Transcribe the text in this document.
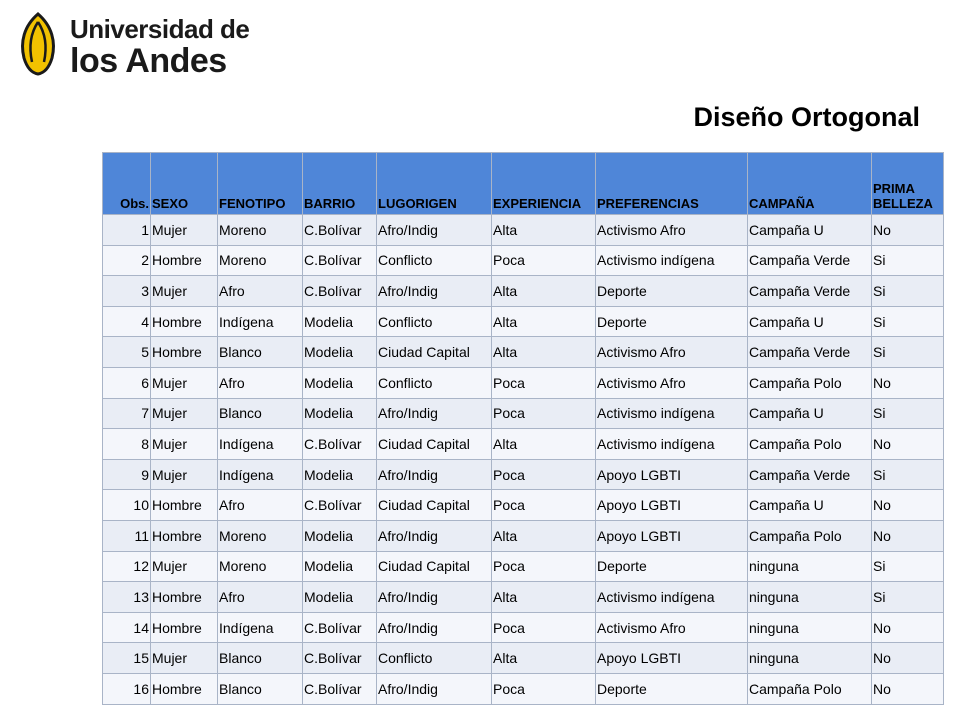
Universidad de
los Andes
Diseño Ortogonal
Obs.	SEXO	FENOTIPO	BARRIO	LUGORIGEN	EXPERIENCIA	PREFERENCIAS	CAMPAÑA	PRIMA BELLEZA
1	Mujer	Moreno	C.Bolívar	Afro/Indig	Alta	Activismo Afro	Campaña U	No
2	Hombre	Moreno	C.Bolívar	Conflicto	Poca	Activismo indígena	Campaña Verde	Si
3	Mujer	Afro	C.Bolívar	Afro/Indig	Alta	Deporte	Campaña Verde	Si
4	Hombre	Indígena	Modelia	Conflicto	Alta	Deporte	Campaña U	Si
5	Hombre	Blanco	Modelia	Ciudad Capital	Alta	Activismo Afro	Campaña Verde	Si
6	Mujer	Afro	Modelia	Conflicto	Poca	Activismo Afro	Campaña Polo	No
7	Mujer	Blanco	Modelia	Afro/Indig	Poca	Activismo indígena	Campaña U	Si
8	Mujer	Indígena	C.Bolívar	Ciudad Capital	Alta	Activismo indígena	Campaña Polo	No
9	Mujer	Indígena	Modelia	Afro/Indig	Poca	Apoyo LGBTI	Campaña Verde	Si
10	Hombre	Afro	C.Bolívar	Ciudad Capital	Poca	Apoyo LGBTI	Campaña U	No
11	Hombre	Moreno	Modelia	Afro/Indig	Alta	Apoyo LGBTI	Campaña Polo	No
12	Mujer	Moreno	Modelia	Ciudad Capital	Poca	Deporte	ninguna	Si
13	Hombre	Afro	Modelia	Afro/Indig	Alta	Activismo indígena	ninguna	Si
14	Hombre	Indígena	C.Bolívar	Afro/Indig	Poca	Activismo Afro	ninguna	No
15	Mujer	Blanco	C.Bolívar	Conflicto	Alta	Apoyo LGBTI	ninguna	No
16	Hombre	Blanco	C.Bolívar	Afro/Indig	Poca	Deporte	Campaña Polo	No
